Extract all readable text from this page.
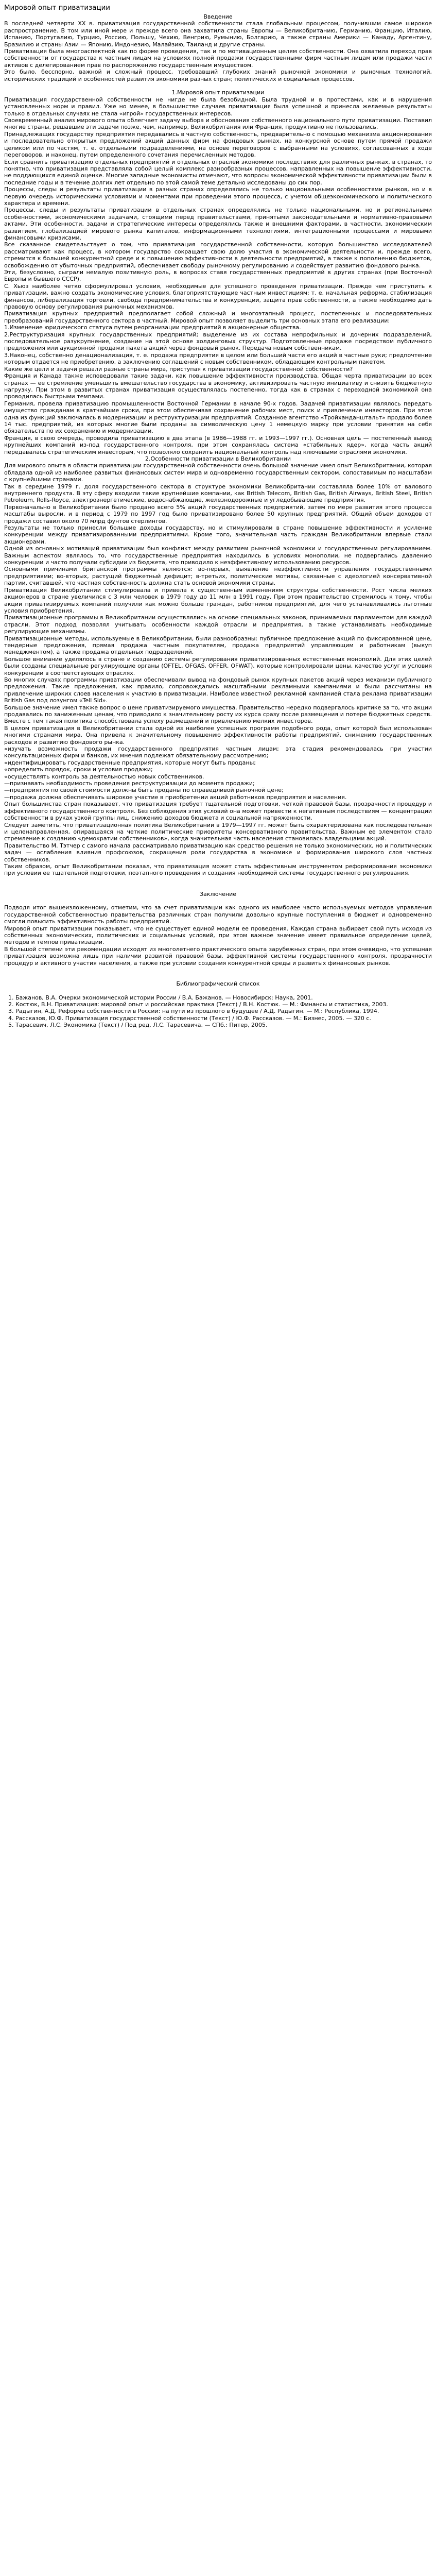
Мировой опыт приватизации

Введение

В последней четверти XX в. приватизация государственной собственности стала глобальным процессом, получившим самое широкое распространение. В том или иной мере и прежде всего она захватила страны Европы — Великобританию, Германию, Францию, Италию, Испанию, Португалию, Турцию, Россию, Польшу, Чехию, Венгрию, Румынию, Болгарию, а также страны Америки — Канаду, Аргентину, Бразилию и страны Азии — Японию, Индонезию, Малайзию, Таиланд и другие страны.

Приватизация была многоаспектной как по форме проведения, так и по мотивационным целям собственности. Она охватила переход прав собственности от государства к частным лицам на условиях полной продажи государственными фирм частным лицам или продажи части активов с делегированием прав по распоряжению государственным имуществом.

Это было, бесспорно, важной и сложный процесс, требовавший глубоких знаний рыночной экономики и рыночных технологий, исторических традиций и особенностей развития экономики разных стран; политических и социальных процессов.

1.Мировой опыт приватизации

Приватизация государственной собственности не нигде не была безобидной. Была трудной и в протестами, как и в нарушения установленных норм и правил. Уже но менее, в большинстве случаев приватизация была успешной и принесла желаемые результаты только в отдельных случаях не стала «игрой» государственных интересов.

Своевременный анализ мирового опыта облегчает задачу выбора и обоснования собственного национального пути приватизации. Поставил многие страны, решавшие эти задачи позже, чем, например, Великобритания или Франция, продуктивно не пользовались.

Принадлежащих государству предприятия передавались в частную собственность, предварительно с помощью механизма акционирования и последовательно открытых предложений акций данных фирм на фондовых рынках, на конкурсной основе путем прямой продажи целиком или по частям, т. е. отдельными подразделениями, на основе переговоров с выбранными на условиях, согласованных в ходе переговоров, и наконец, путем определенного сочетания перечисленных методов.

Если сравнить приватизацию отдельных предприятий и отдельных отраслей экономики последствиях для различных рынках, в странах, то понятно, что приватизация представляла собой целый комплекс разнообразных процессов, направленных на повышение эффективности, не поддающихся единой оценке. Многие западные экономисты отмечают, что вопросы экономической эффективности приватизации были в последние годы и в течение долгих лет отдельно по этой самой теме детально исследованы до сих пор.

Процессы, следы и результаты приватизации в разных странах определялись не только национальными особенностями рынков, но и в первую очередь историческими условиями и моментами при проведении этого процесса, с учетом общеэкономического и политического характера и времени.

Процессы, следы и результаты приватизации в отдельных странах определялись не только национальными, но и региональными особенностями, экономическими задачами, стоящими перед правительствами, принятыми законодательными и нормативно-правовыми актами. Эти особенности, задачи и стратегические интересы определялись также и внешними факторами, в частности, экономическим развитием, глобализацией мирового рынка капиталов, информационными технологиями, интеграционными процессами и мировыми финансовыми кризисами.

Все сказанное свидетельствует о том, что приватизация государственной собственности, которую большинство исследователей рассматривают как процесс, в котором государство сокращает свою долю участия в экономической деятельности и, прежде всего, стремится к большей конкурентной среде и к повышению эффективности в деятельности предприятий, а также к пополнению бюджетов, освобождению от убыточных предприятий, обеспечивает свободу рыночному регулированию и содействует развитию фондового рынка.

Эти, безусловно, сыграли немалую позитивную роль, в вопросах ставя государственных предприятий в других странах (при Восточной Европы и бывшего СССР).

С. Хьюз наиболее четко сформулировал условия, необходимые для успешного проведения приватизации. Прежде чем приступить к приватизации, важно создать экономические условия, благоприятствующие частным инвестициям: т. е. начальная реформа, стабилизация финансов, либерализация торговли, свобода предпринимательства и конкуренции, защита прав собственности, а также необходимо дать правовую основу регулирования рыночных механизмов.

Приватизация крупных предприятий предполагает собой сложный и многоэтапный процесс, постепенных и последовательных преобразований государственного сектора в частный. Мировой опыт позволяет выделить три основных этапа его реализации:

1.Изменение юридического статуса путем реорганизации предприятий в акционерные общества.

2.Реструктуризация крупных государственных предприятий; выделение из их состава непрофильных и дочерних подразделений, последовательное разукрупнение, создание на этой основе холдинговых структур. Подготовленные продаже посредством публичного предложения или аукционной продажи пакета акций через фондовый рынок. Передача новым собственникам.

3.Наконец, собственно денационализация, т. е. продажа предприятия в целом или больший части его акций в частные руки; предпочтение которым отдается не приобретению, а заключению соглашений с новым собственником, обладающим контрольным пакетом.

Какие же цели и задачи решали разные страны мира, приступая к приватизации государственной собственности?

Франция и Канада также исповедовали такие задачи, как повышение эффективности производства. Общая черта приватизации во всех странах — ее стремление уменьшить вмешательство государства в экономику, активизировать частную инициативу и снизить бюджетную нагрузку. При этом в развитых странах приватизация осуществлялась постепенно, тогда как в странах с переходной экономикой она проводилась быстрыми темпами.

Германия, провела приватизацию промышленности Восточной Германии в начале 90-х годов. Задачей приватизации являлось передать имущество гражданам в кратчайшие сроки, при этом обеспечивая сохранение рабочих мест, поиск и привлечение инвесторов. При этом одна из функций заключалась в модернизации и реструктуризации предприятий. Созданное агентство «Тройханданштальт» продало более 14 тыс. предприятий, из которых многие были проданы за символическую цену 1 немецкую марку при условии принятия на себя обязательств по их сохранению и модернизации.

Франция, в свою очередь, проводила приватизацию в два этапа (в 1986—1988 гг. и 1993—1997 гг.). Основная цель — постепенный вывод крупнейших компаний из-под государственного контроля, при этом сохранялась система «стабильных ядер», когда часть акций передавалась стратегическим инвесторам, что позволяло сохранить национальный контроль над ключевыми отраслями экономики.

2.Особенности приватизации в Великобритании

Для мирового опыта в области приватизации государственной собственности очень большой значение имел опыт Великобритании, которая обладала одной из наиболее развитых финансовых систем мира и одновременно государственным сектором, сопоставимым по масштабам с крупнейшими странами.

Так в середине 1979 г. доля государственного сектора в структуре экономики Великобритании составляла более 10% от валового внутреннего продукта. В эту сферу входили такие крупнейшие компании, как British Telecom, British Gas, British Airways, British Steel, British Petroleum, Rolls-Royce, электроэнергетические, водоснабжающие, железнодорожные и угледобывающие предприятия.

Первоначально в Великобритании было продано всего 5% акций государственных предприятий, затем по мере развития этого процесса масштабы выросли, и в период с 1979 по 1997 год было приватизировано более 50 крупных предприятий. Общий объем доходов от продажи составил около 70 млрд фунтов стерлингов.

Результаты не только принесли большие доходы государству, но и стимулировали в стране повышение эффективности и усиление конкуренции между приватизированными предприятиями. Кроме того, значительная часть граждан Великобритании впервые стали акционерами.

Одной из основных мотиваций приватизации был конфликт между развитием рыночной экономики и государственным регулированием. Важным аспектом являлось то, что государственные предприятия находились в условиях монополии, не подвергались давлению конкуренции и часто получали субсидии из бюджета, что приводило к неэффективному использованию ресурсов.

Основными причинами британской программы являются: во-первых, выявление неэффективности управления государственными предприятиями; во-вторых, растущий бюджетный дефицит; в-третьих, политические мотивы, связанные с идеологией консервативной партии, считавшей, что частная собственность должна стать основой экономики страны.

Приватизация Великобритании стимулировала и привела к существенным изменениям структуры собственности. Рост числа мелких акционеров в стране увеличился с 3 млн человек в 1979 году до 11 млн в 1991 году. При этом правительство стремилось к тому, чтобы акции приватизируемых компаний получили как можно больше граждан, работников предприятий, для чего устанавливались льготные условия приобретения.

Приватизационные программы в Великобритании осуществлялись на основе специальных законов, принимаемых парламентом для каждой отрасли. Этот подход позволял учитывать особенности каждой отрасли и предприятия, а также устанавливать необходимые регулирующие механизмы.

Приватизационные методы, используемые в Великобритании, были разнообразны: публичное предложение акций по фиксированной цене, тендерные предложения, прямая продажа частным покупателям, продажа предприятий управляющим и работникам (выкуп менеджментом), а также продажа отдельных подразделений.

Большое внимание уделялось в стране и созданию системы регулирования приватизированных естественных монополий. Для этих целей были созданы специальные регулирующие органы (OFTEL, OFGAS, OFFER, OFWAT), которые контролировали цены, качество услуг и условия конкуренции в соответствующих отраслях.

Во многих случаях программы приватизации обеспечивали вывод на фондовый рынок крупных пакетов акций через механизм публичного предложения. Такие предложения, как правило, сопровождались масштабными рекламными кампаниями и были рассчитаны на привлечение широких слоев населения к участию в приватизации. Наиболее известной рекламной кампанией стала реклама приватизации British Gas под лозунгом «Tell Sid».

Большое значение имел также вопрос о цене приватизируемого имущества. Правительство нередко подвергалось критике за то, что акции продавались по заниженным ценам, что приводило к значительному росту их курса сразу после размещения и потере бюджетных средств. Вместе с тем такая политика способствовала успеху размещений и привлечению мелких инвесторов.

В целом приватизация в Великобритании стала одной из наиболее успешных программ подобного рода, опыт которой был использован многими странами мира. Она привела к значительному повышению эффективности работы предприятий, снижению государственных расходов и развитию фондового рынка.

«изучать возможность продажи государственного предприятия частным лицам; эта стадия рекомендовалась при участии консультационных фирм и банков, их мнения подлежат обязательному рассмотрению;

«идентифицировать государственные предприятия, которые могут быть проданы;

«определить порядок, сроки и условия продажи;

«осуществлять контроль за деятельностью новых собственников.

—признавать необходимость проведения реструктуризации до момента продажи;

—предприятия по своей стоимости должны быть проданы по справедливой рыночной цене;

—продажа должна обеспечивать широкое участие в приобретении акций работников предприятия и населения.

Опыт большинства стран показывает, что приватизация требует тщательной подготовки, четкой правовой базы, прозрачности процедур и эффективного государственного контроля. Без соблюдения этих условий она может привести к негативным последствиям — концентрации собственности в руках узкой группы лиц, снижению доходов бюджета и социальной напряженности.

Следует заметить, что приватизационная политика Великобритании в 1979—1997 гг. может быть охарактеризована как последовательная и целенаправленная, опиравшаяся на четкие политические приоритеты консервативного правительства. Важным ее элементом стало стремление к созданию «демократии собственников», когда значительная часть населения становилась владельцами акций.

Правительство М. Тэтчер с самого начала рассматривало приватизацию как средство решения не только экономических, но и политических задач — ослабления влияния профсоюзов, сокращения роли государства в экономике и формирования широкого слоя частных собственников.

Таким образом, опыт Великобритании показал, что приватизация может стать эффективным инструментом реформирования экономики при условии ее тщательной подготовки, поэтапного проведения и создания необходимой системы государственного регулирования.

Заключение

Подводя итог вышеизложенному, отметим, что за счет приватизации как одного из наиболее часто используемых методов управления государственной собственностью правительства различных стран получили довольно крупные поступления в бюджет и одновременно смогли повысить эффективность работы предприятий.

Мировой опыт приватизации показывает, что не существует единой модели ее проведения. Каждая страна выбирает свой путь исходя из собственных экономических, политических и социальных условий, при этом важное значение имеет правильное определение целей, методов и темпов приватизации.

В большой степени эти рекомендации исходят из многолетнего практического опыта зарубежных стран, при этом очевидно, что успешная приватизация возможна лишь при наличии развитой правовой базы, эффективной системы государственного контроля, прозрачности процедур и активного участия населения, а также при условии создания конкурентной среды и развитых финансовых рынков.

Библиографический список

1. Бажанов, В.А. Очерки экономической истории России / В.А. Бажанов. — Новосибирск: Наука, 2001.
2. Костюк, В.Н. Приватизация: мировой опыт и российская практика (Текст) / В.Н. Костюк. — М.: Финансы и статистика, 2003.
3. Радыгин, А.Д. Реформа собственности в России: на пути из прошлого в будущее / А.Д. Радыгин. — М.: Республика, 1994.
4. Рассказов, Ю.Ф. Приватизация государственной собственности (Текст) / Ю.Ф. Рассказов. — М.: Бизнес, 2005. — 320 с.
5. Тарасевич, Л.С. Экономика (Текст) / Под ред. Л.С. Тарасевича. — СПб.: Питер, 2005.
